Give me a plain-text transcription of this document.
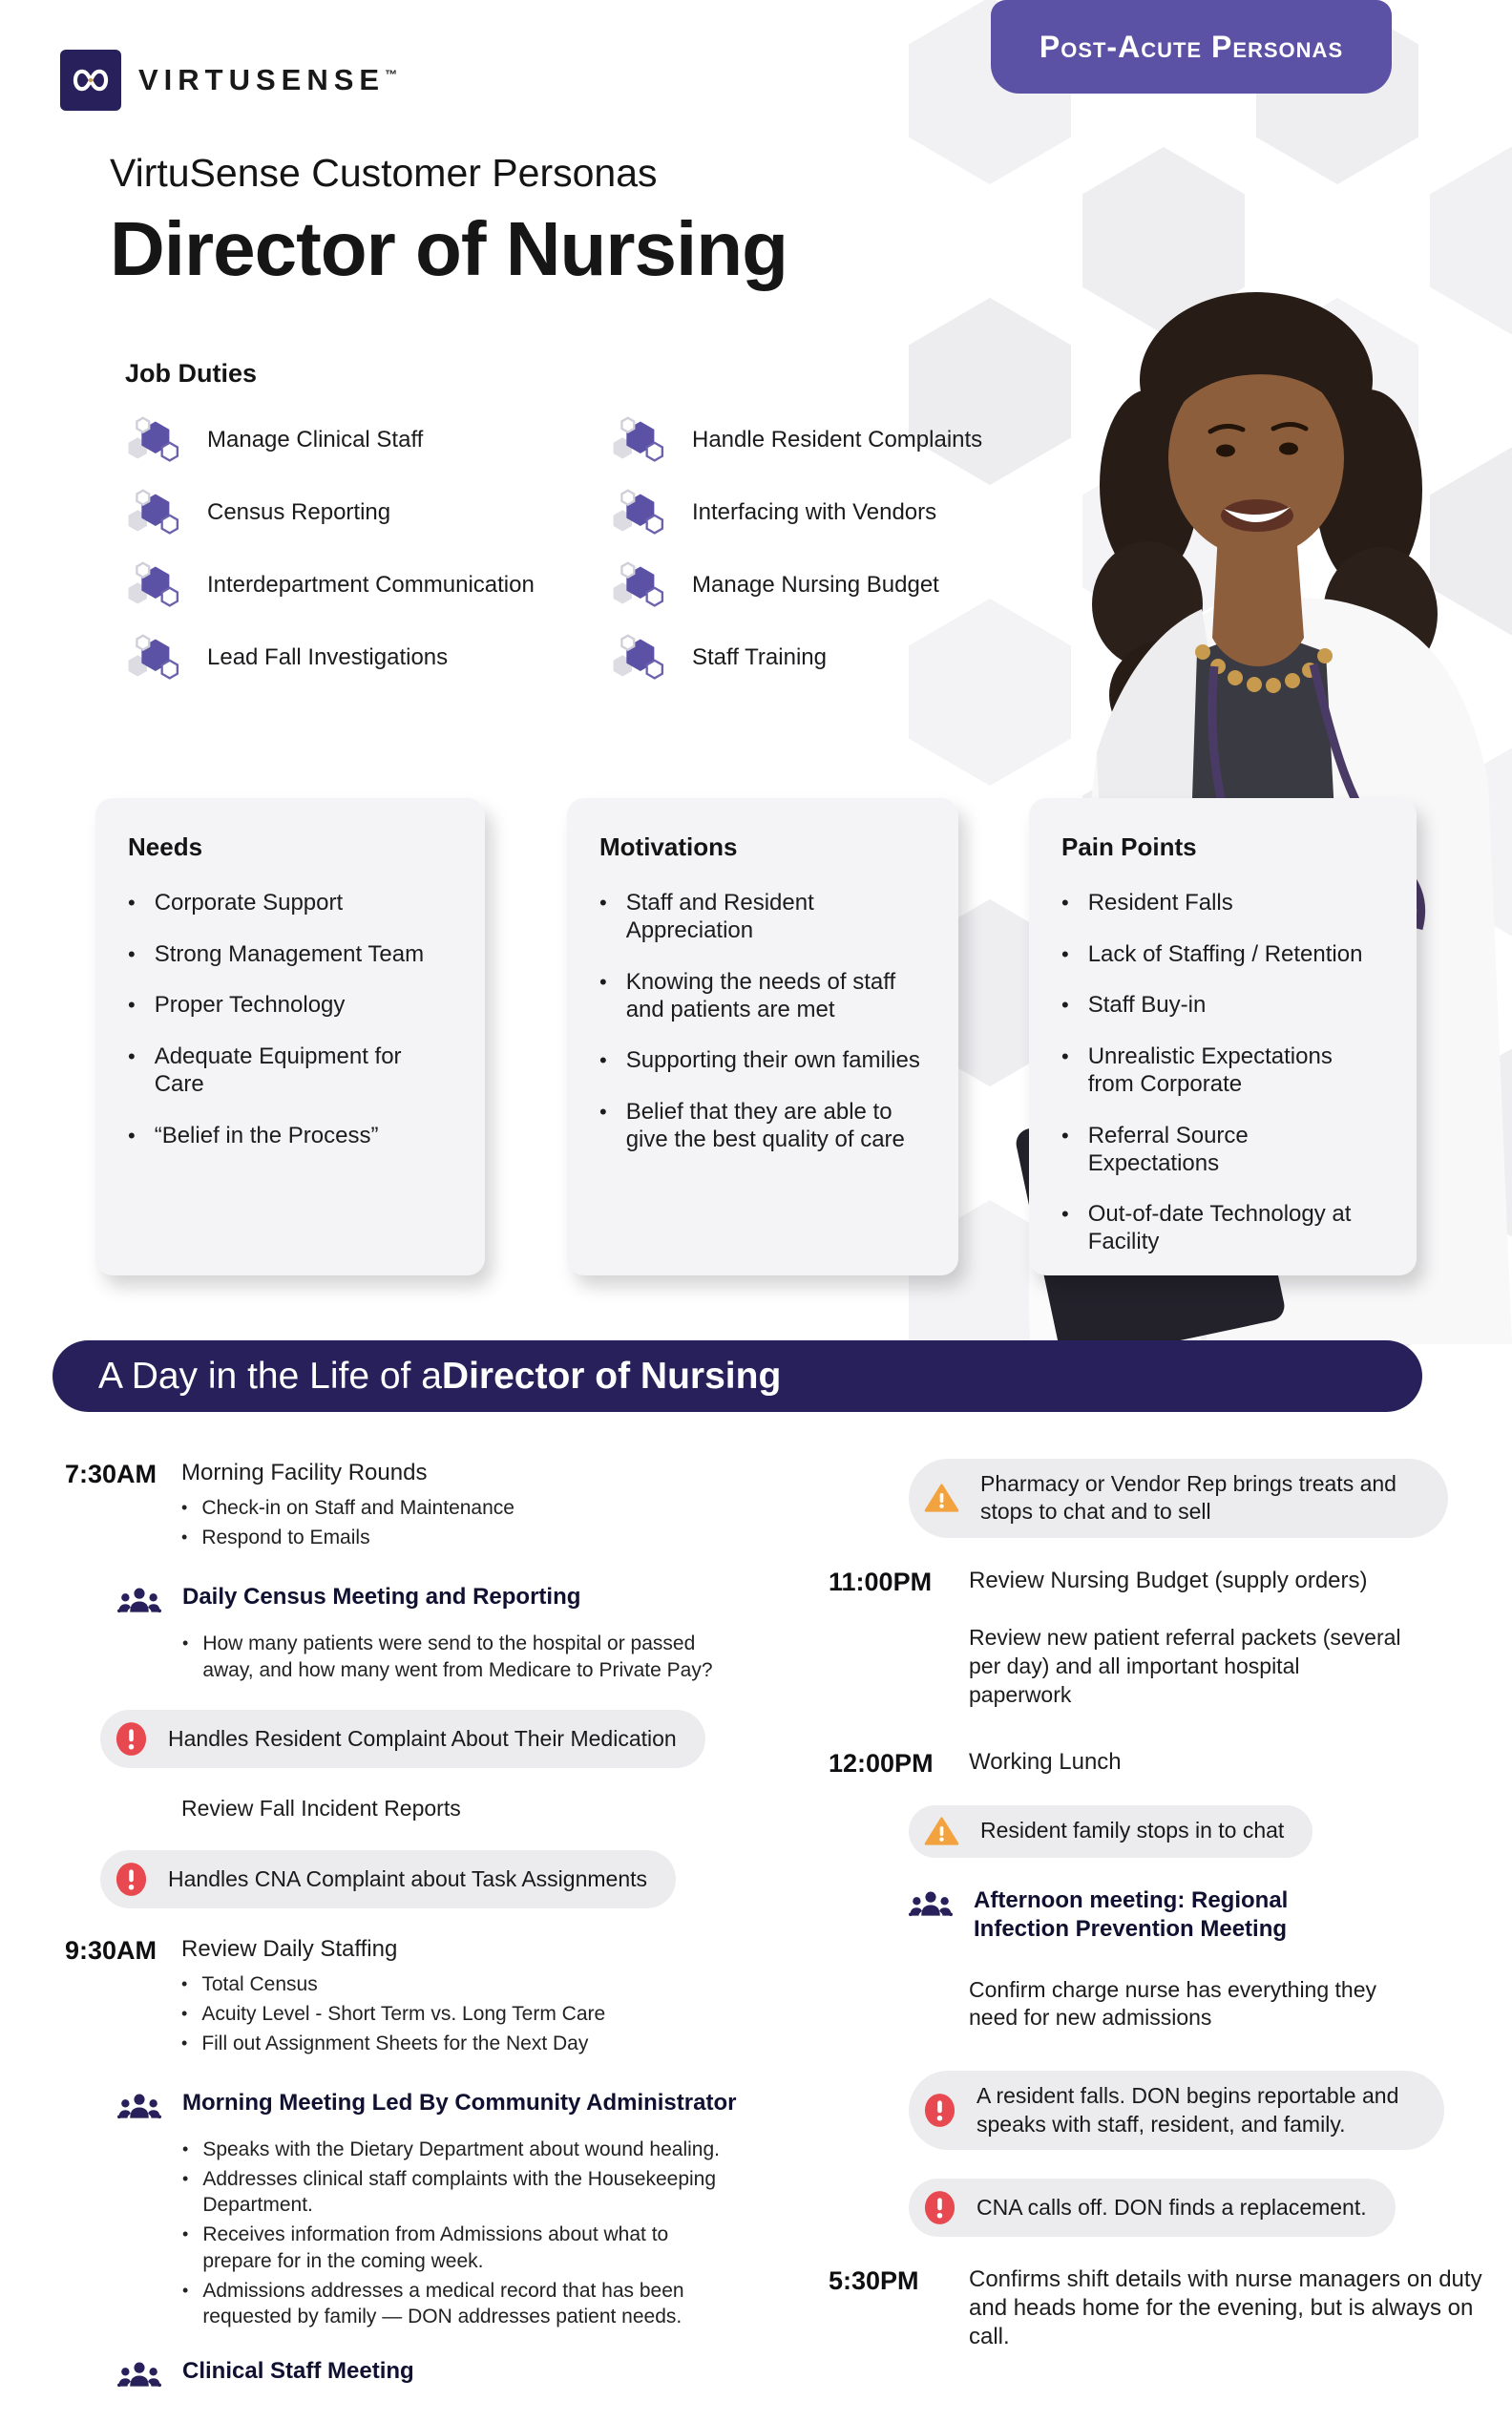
VIRTUSENSE™
Post-Acute Personas
VirtuSense Customer Personas
Director of Nursing
Job Duties
Manage Clinical Staff
Census Reporting
Interdepartment Communication
Lead Fall Investigations
Handle Resident Complaints
Interfacing with Vendors
Manage Nursing Budget
Staff Training
Needs
• Corporate Support
• Strong Management Team
• Proper Technology
• Adequate Equipment for Care
• “Belief in the Process”
Motivations
• Staff and Resident Appreciation
• Knowing the needs of staff and patients are met
• Supporting their own families
• Belief that they are able to give the best quality of care
Pain Points
• Resident Falls
• Lack of Staffing / Retention
• Staff Buy-in
• Unrealistic Expectations from Corporate
• Referral Source Expectations
• Out-of-date Technology at Facility
A Day in the Life of a Director of Nursing
7:30AM	Morning Facility Rounds
• Check-in on Staff and Maintenance
• Respond to Emails
Daily Census Meeting and Reporting
• How many patients were send to the hospital or passed away, and how many went from Medicare to Private Pay?
Handles Resident Complaint About Their Medication
Review Fall Incident Reports
Handles CNA Complaint about Task Assignments
9:30AM	Review Daily Staffing
• Total Census
• Acuity Level - Short Term vs. Long Term Care
• Fill out Assignment Sheets for the Next Day
Morning Meeting Led By Community Administrator
• Speaks with the Dietary Department about wound healing.
• Addresses clinical staff complaints with the Housekeeping Department.
• Receives information from Admissions about what to prepare for in the coming week.
• Admissions addresses a medical record that has been requested by family — DON addresses patient needs.
Clinical Staff Meeting
Pharmacy or Vendor Rep brings treats and stops to chat and to sell
11:00PM	Review Nursing Budget (supply orders)
Review new patient referral packets (several per day) and all important hospital paperwork
12:00PM	Working Lunch
Resident family stops in to chat
Afternoon meeting: Regional Infection Prevention Meeting
Confirm charge nurse has everything they need for new admissions
A resident falls. DON begins reportable and speaks with staff, resident, and family.
CNA calls off. DON finds a replacement.
5:30PM	Confirms shift details with nurse managers on duty and heads home for the evening, but is always on call.
